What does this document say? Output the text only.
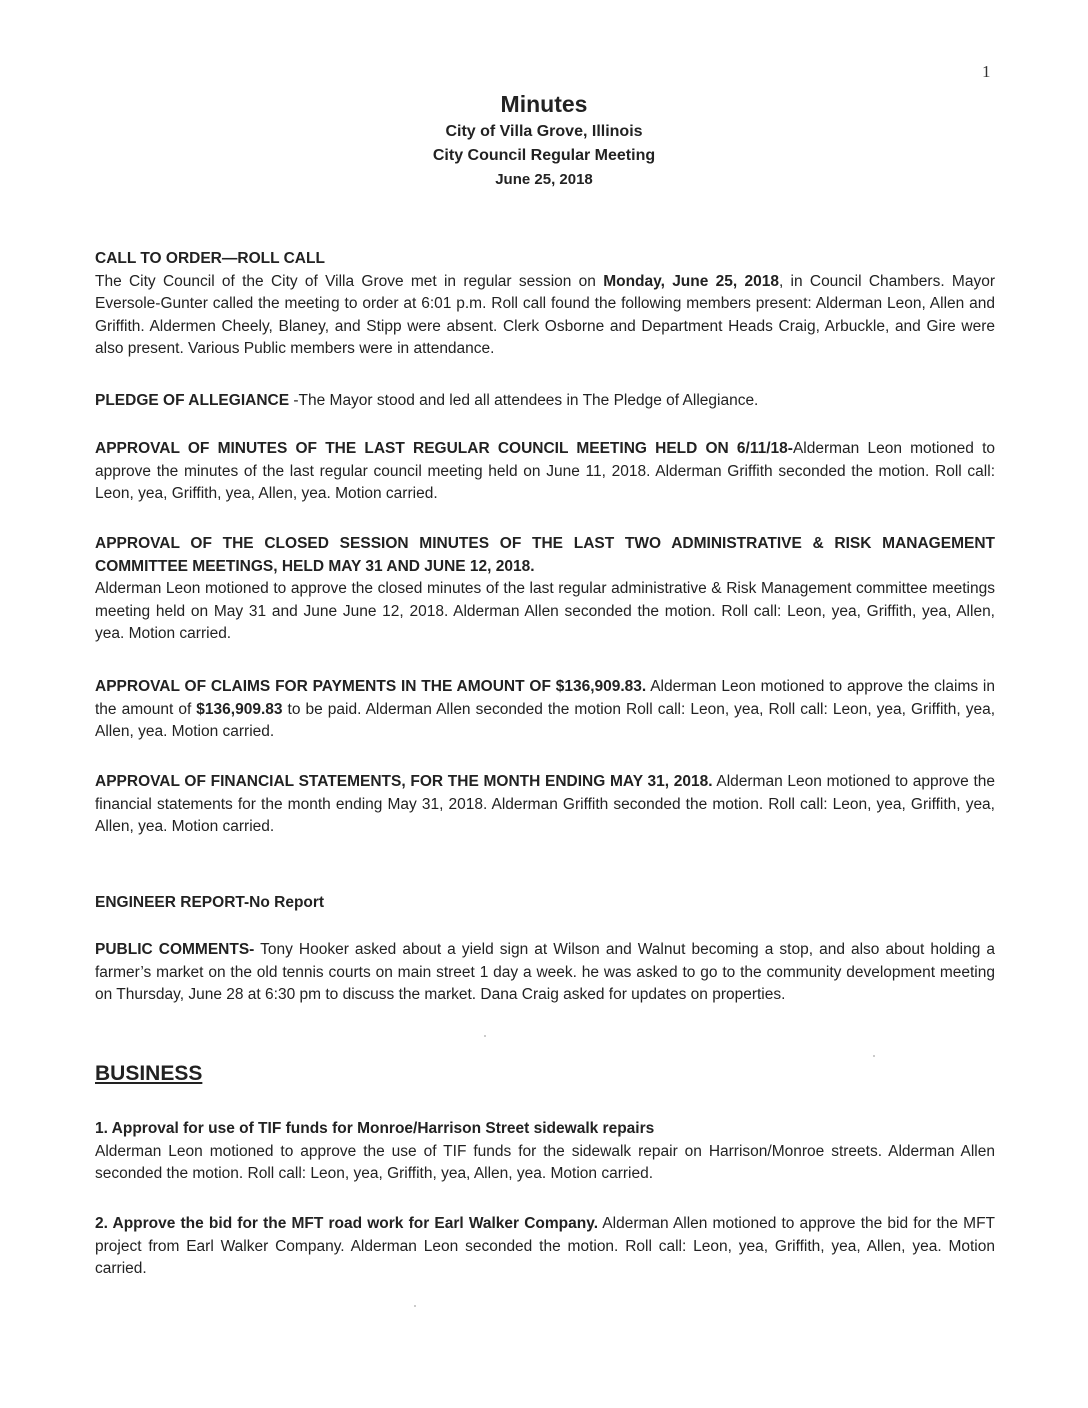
1

Minutes

City of Villa Grove, Illinois

City Council Regular Meeting

June 25, 2018

CALL TO ORDER—ROLL CALL

The City Council of the City of Villa Grove met in regular session on Monday, June 25, 2018, in Council Chambers. Mayor Eversole-Gunter called the meeting to order at 6:01 p.m. Roll call found the following members present: Alderman Leon, Allen and Griffith. Aldermen Cheely, Blaney, and Stipp were absent. Clerk Osborne and Department Heads Craig, Arbuckle, and Gire were also present. Various Public members were in attendance.

PLEDGE OF ALLEGIANCE -The Mayor stood and led all attendees in The Pledge of Allegiance.

APPROVAL OF MINUTES OF THE LAST REGULAR COUNCIL MEETING HELD ON 6/11/18-Alderman Leon motioned to approve the minutes of the last regular council meeting held on June 11, 2018. Alderman Griffith seconded the motion. Roll call: Leon, yea, Griffith, yea, Allen, yea. Motion carried.

APPROVAL OF THE CLOSED SESSION MINUTES OF THE LAST TWO ADMINISTRATIVE & RISK MANAGEMENT COMMITTEE MEETINGS, HELD MAY 31 AND JUNE 12, 2018.

Alderman Leon motioned to approve the closed minutes of the last regular administrative & Risk Management committee meetings meeting held on May 31 and June June 12, 2018. Alderman Allen seconded the motion. Roll call: Leon, yea, Griffith, yea, Allen, yea. Motion carried.

APPROVAL OF CLAIMS FOR PAYMENTS IN THE AMOUNT OF $136,909.83. Alderman Leon motioned to approve the claims in the amount of $136,909.83 to be paid. Alderman Allen seconded the motion Roll call: Leon, yea, Roll call: Leon, yea, Griffith, yea, Allen, yea. Motion carried.

APPROVAL OF FINANCIAL STATEMENTS, FOR THE MONTH ENDING MAY 31, 2018. Alderman Leon motioned to approve the financial statements for the month ending May 31, 2018. Alderman Griffith seconded the motion. Roll call: Leon, yea, Griffith, yea, Allen, yea. Motion carried.

ENGINEER REPORT-No Report

PUBLIC COMMENTS- Tony Hooker asked about a yield sign at Wilson and Walnut becoming a stop, and also about holding a farmer’s market on the old tennis courts on main street 1 day a week. he was asked to go to the community development meeting on Thursday, June 28 at 6:30 pm to discuss the market. Dana Craig asked for updates on properties.

BUSINESS

1. Approval for use of TIF funds for Monroe/Harrison Street sidewalk repairs

Alderman Leon motioned to approve the use of TIF funds for the sidewalk repair on Harrison/Monroe streets. Alderman Allen seconded the motion. Roll call: Leon, yea, Griffith, yea, Allen, yea. Motion carried.

2. Approve the bid for the MFT road work for Earl Walker Company. Alderman Allen motioned to approve the bid for the MFT project from Earl Walker Company. Alderman Leon seconded the motion. Roll call: Leon, yea, Griffith, yea, Allen, yea. Motion carried.
